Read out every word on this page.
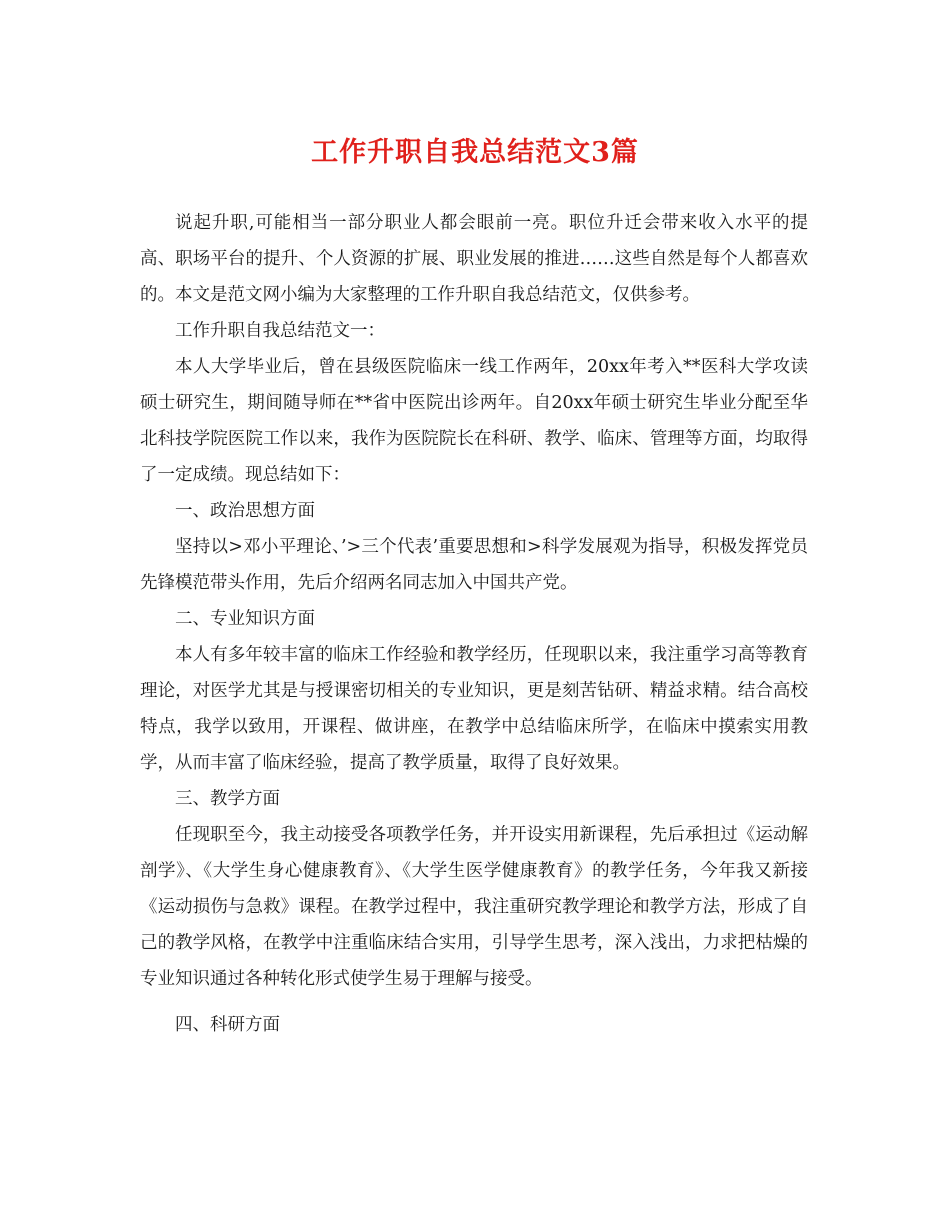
工作升职自我总结范文3篇

说起升职,可能相当一部分职业人都会眼前一亮。职位升迁会带来收入水平的提高、职场平台的提升、个人资源的扩展、职业发展的推进……这些自然是每个人都喜欢的。本文是范文网小编为大家整理的工作升职自我总结范文，仅供参考。

工作升职自我总结范文一：

本人大学毕业后，曾在县级医院临床一线工作两年，20xx年考入**医科大学攻读硕士研究生，期间随导师在**省中医院出诊两年。自20xx年硕士研究生毕业分配至华北科技学院医院工作以来，我作为医院院长在科研、教学、临床、管理等方面，均取得了一定成绩。现总结如下：

一、政治思想方面

坚持以>邓小平理论、’>三个代表’重要思想和>科学发展观为指导，积极发挥党员先锋模范带头作用，先后介绍两名同志加入中国共产党。

二、专业知识方面

本人有多年较丰富的临床工作经验和教学经历，任现职以来，我注重学习高等教育理论，对医学尤其是与授课密切相关的专业知识，更是刻苦钻研、精益求精。结合高校特点，我学以致用，开课程、做讲座，在教学中总结临床所学，在临床中摸索实用教学，从而丰富了临床经验，提高了教学质量，取得了良好效果。

三、教学方面

任现职至今，我主动接受各项教学任务，并开设实用新课程，先后承担过《运动解剖学》、《大学生身心健康教育》、《大学生医学健康教育》的教学任务，今年我又新接《运动损伤与急救》课程。在教学过程中，我注重研究教学理论和教学方法，形成了自己的教学风格，在教学中注重临床结合实用，引导学生思考，深入浅出，力求把枯燥的专业知识通过各种转化形式使学生易于理解与接受。

四、科研方面
